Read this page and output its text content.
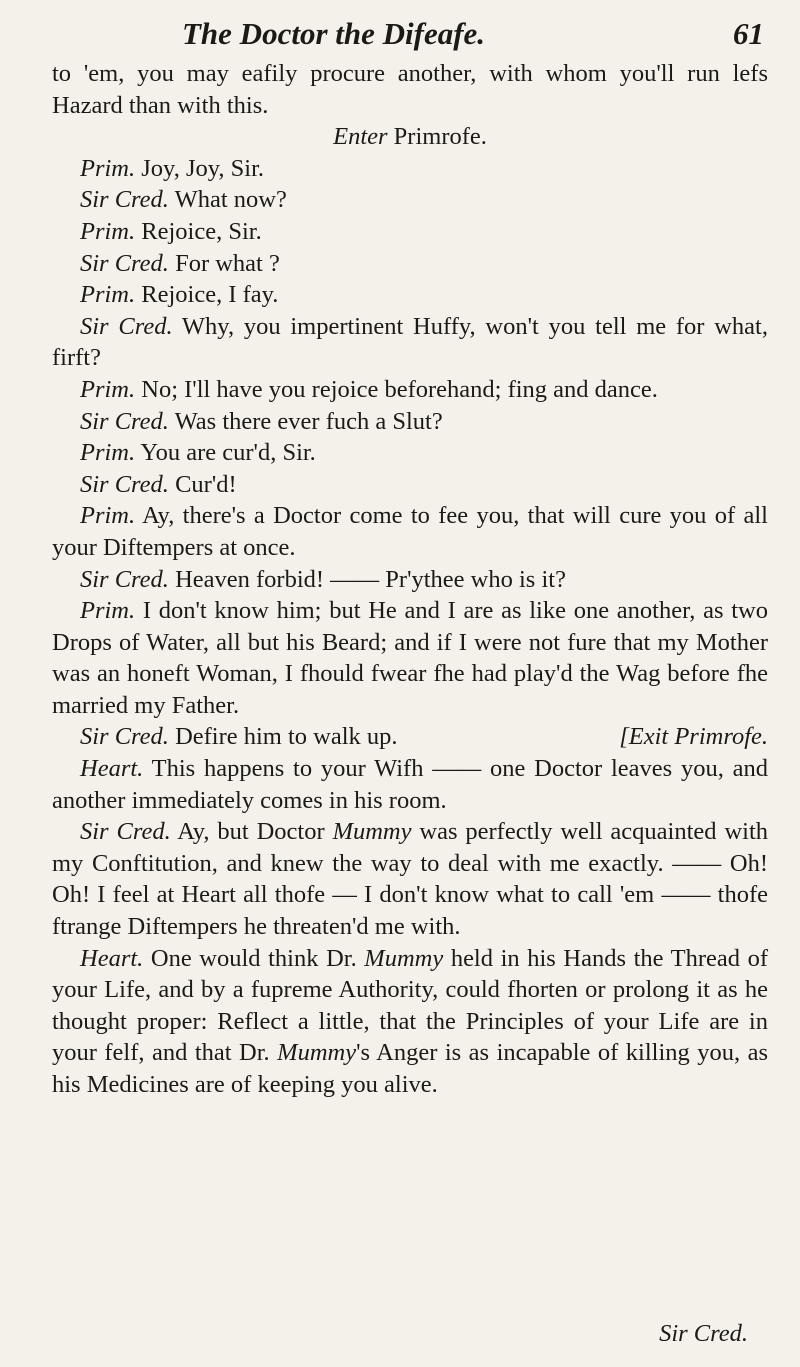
The Doctor the Difeafe.	61

to 'em, you may eafily procure another, with whom you'll run lefs Hazard than with this.

Enter Primrofe.

Prim. Joy, Joy, Sir.

Sir Cred. What now?

Prim. Rejoice, Sir.

Sir Cred. For what ?

Prim. Rejoice, I fay.

Sir Cred. Why, you impertinent Huffy, won't you tell me for what, firft?

Prim. No; I'll have you rejoice beforehand; fing and dance.

Sir Cred. Was there ever fuch a Slut?

Prim. You are cur'd, Sir.

Sir Cred. Cur'd!

Prim. Ay, there's a Doctor come to fee you, that will cure you of all your Diftempers at once.

Sir Cred. Heaven forbid! —— Pr'ythee who is it?

Prim. I don't know him; but He and I are as like one another, as two Drops of Water, all but his Beard; and if I were not fure that my Mother was an honeft Woman, I fhould fwear fhe had play'd the Wag before fhe married my Father.

Sir Cred. Defire him to walk up.	[Exit Primrofe.

Heart. This happens to your Wifh —— one Doctor leaves you, and another immediately comes in his room.

Sir Cred. Ay, but Doctor Mummy was perfectly well acquainted with my Conftitution, and knew the way to deal with me exactly. —— Oh! Oh! I feel at Heart all thofe — I don't know what to call 'em —— thofe ftrange Diftempers he threaten'd me with.

Heart. One would think Dr. Mummy held in his Hands the Thread of your Life, and by a fupreme Authority, could fhorten or prolong it as he thought proper: Reflect a little, that the Principles of your Life are in your felf, and that Dr. Mummy's Anger is as incapable of killing you, as his Medicines are of keeping you alive.

Sir Cred.
